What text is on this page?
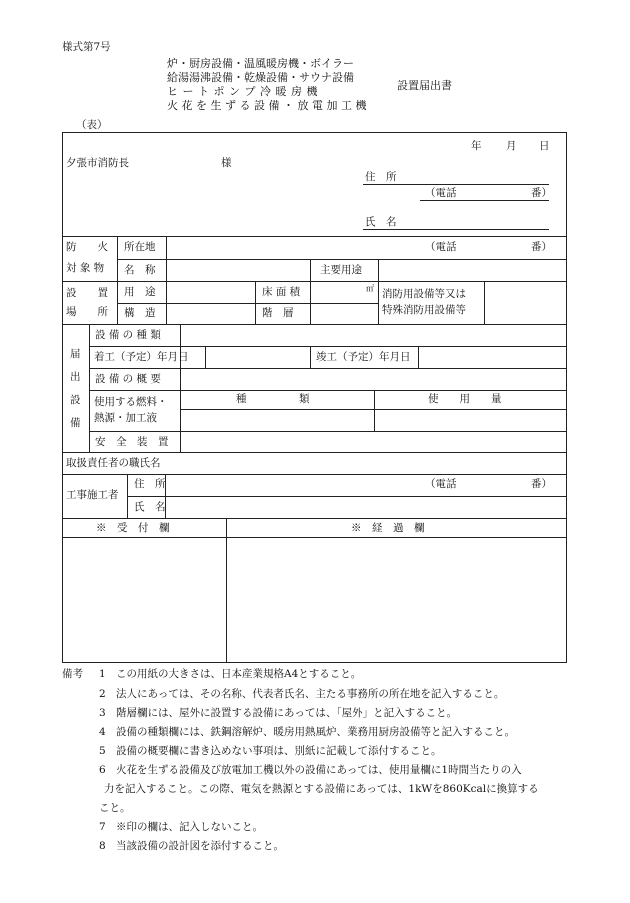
様式第7号
炉・厨房設備・温風暖房機・ボイラー
給湯湯沸設備・乾燥設備・サウナ設備
ヒ ー ト ポ ン プ 冷 暖 房 機
火 花 を 生 ず る 設 備 ・ 放 電 加 工 機
設置届出書
（表）
年 月 日
夕張市消防長	様
住　所
（電話	番）
氏　名
防　　火
対 象 物
所在地	（電話	番）
名　称	主要用途
設　　置
場　　所
用　途	床 面 積	㎡
構　造	階　層
消防用設備等又は
特殊消防用設備等
届
出
設
備
設 備 の 種 類
着工（予定）年月日	竣工（予定）年月日
設 備 の 概 要
使用する燃料・
熱源・加工液
種　　　　　類	使　　用　　量
安　全　装　置
取扱責任者の職氏名
工事施工者
住　所	（電話	番）
氏　名
※　受　付　欄	※　経　過　欄
備考 1 この用紙の大きさは、日本産業規格A4とすること。
2 法人にあっては、その名称、代表者氏名、主たる事務所の所在地を記入すること。
3 階層欄には、屋外に設置する設備にあっては、「屋外」と記入すること。
4 設備の種類欄には、鉄鋼溶解炉、暖房用熱風炉、業務用厨房設備等と記入すること。
5 設備の概要欄に書き込めない事項は、別紙に記載して添付すること。
6 火花を生ずる設備及び放電加工機以外の設備にあっては、使用量欄に1時間当たりの入
力を記入すること。この際、電気を熱源とする設備にあっては、1kWを860Kcalに換算する
こと。
7 ※印の欄は、記入しないこと。
8 当該設備の設計図を添付すること。
